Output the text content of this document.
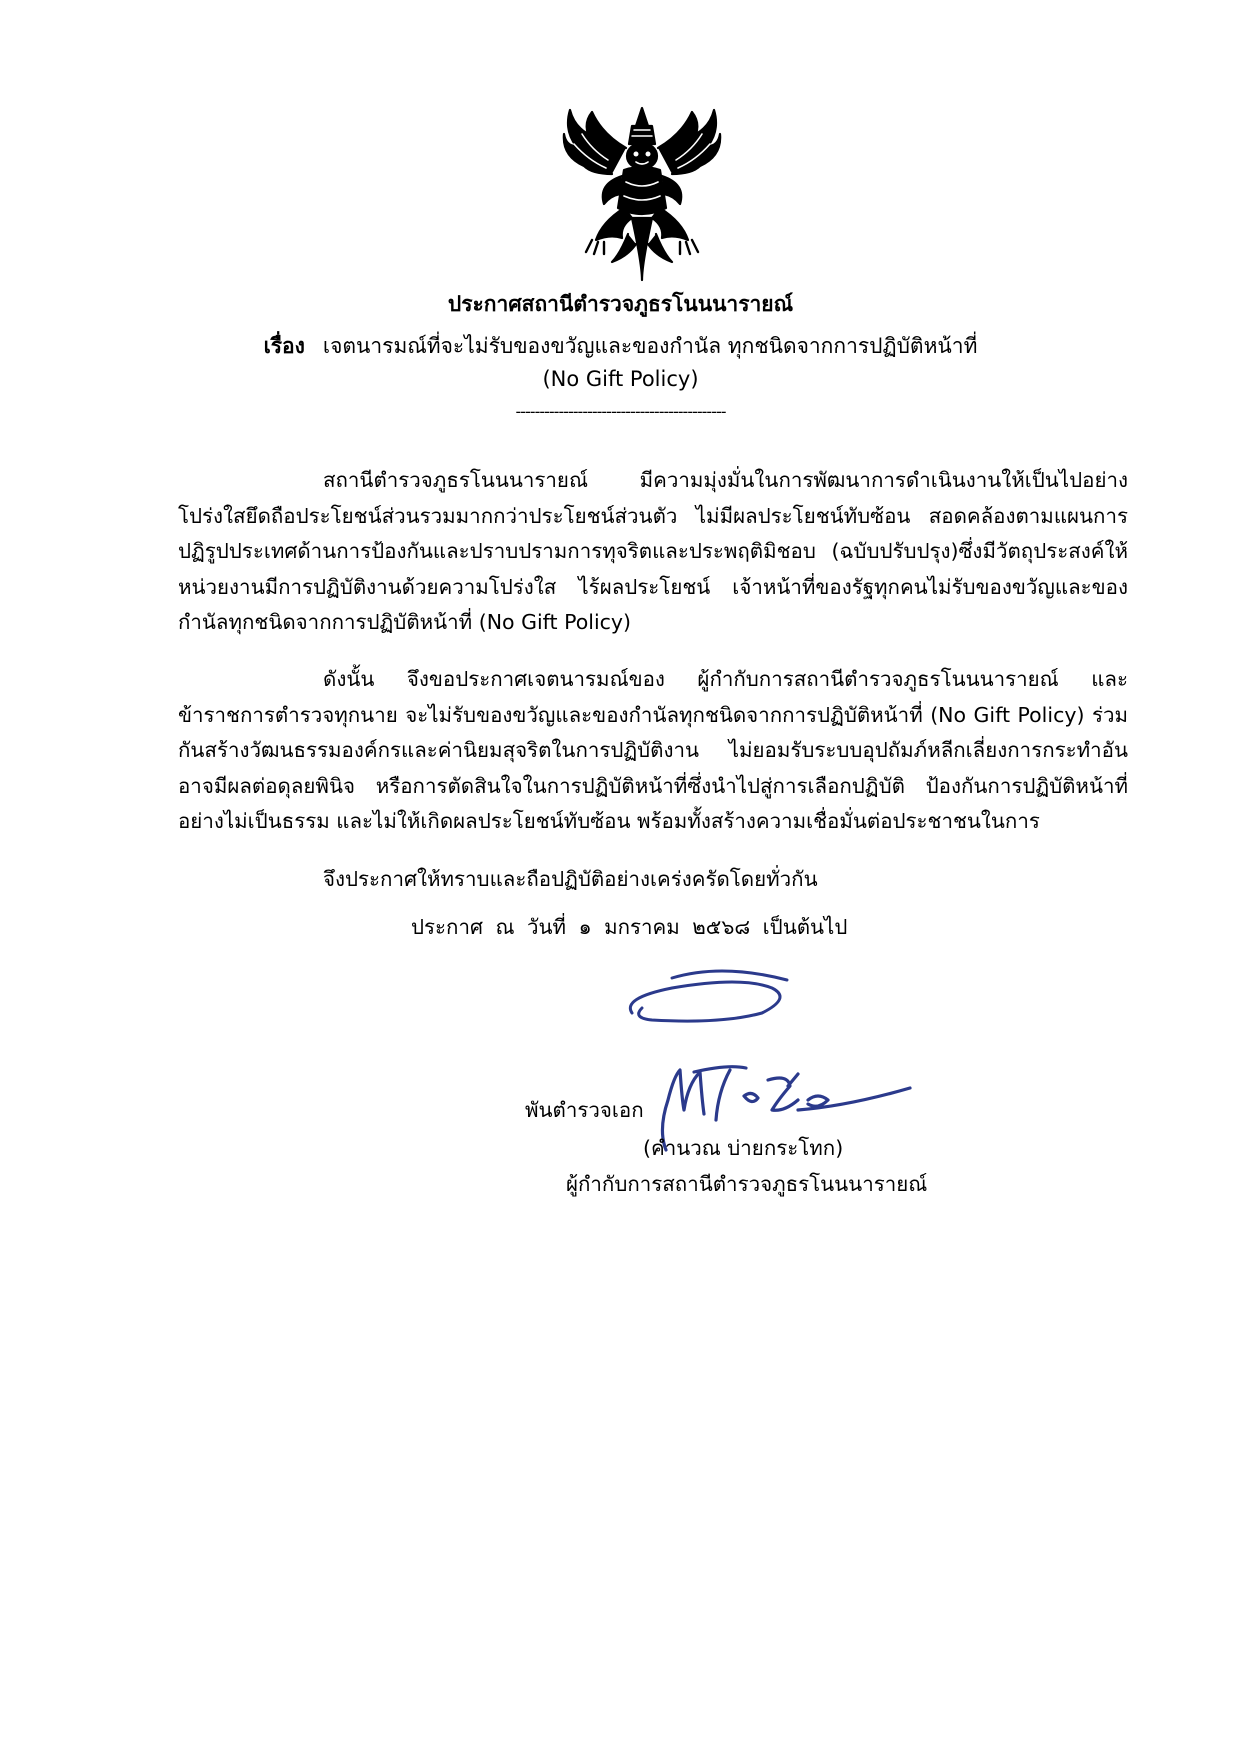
ประกาศสถานีตำรวจภูธรโนนนารายณ์
เรื่อง เจตนารมณ์ที่จะไม่รับของขวัญและของกำนัล ทุกชนิดจากการปฏิบัติหน้าที่
(No Gift Policy)
--------------------------------------------
สถานีตำรวจภูธรโนนนารายณ์ มีความมุ่งมั่นในการพัฒนาการดำเนินงานให้เป็นไปอย่างโปร่งใสยึดถือประโยชน์ส่วนรวมมากกว่าประโยชน์ส่วนตัว ไม่มีผลประโยชน์ทับซ้อน สอดคล้องตามแผนการปฏิรูปประเทศด้านการป้องกันและปราบปรามการทุจริตและประพฤติมิชอบ (ฉบับปรับปรุง)ซึ่งมีวัตถุประสงค์ให้หน่วยงานมีการปฏิบัติงานด้วยความโปร่งใส ไร้ผลประโยชน์ เจ้าหน้าที่ของรัฐทุกคนไม่รับของขวัญและของกำนัลทุกชนิดจากการปฏิบัติหน้าที่ (No Gift Policy)
ดังนั้น จึงขอประกาศเจตนารมณ์ของ ผู้กำกับการสถานีตำรวจภูธรโนนนารายณ์ และข้าราชการตำรวจทุกนาย จะไม่รับของขวัญและของกำนัลทุกชนิดจากการปฏิบัติหน้าที่ (No Gift Policy) ร่วมกันสร้างวัฒนธรรมองค์กรและค่านิยมสุจริตในการปฏิบัติงาน ไม่ยอมรับระบบอุปถัมภ์หลีกเลี่ยงการกระทำอันอาจมีผลต่อดุลยพินิจ หรือการตัดสินใจในการปฏิบัติหน้าที่ซึ่งนำไปสู่การเลือกปฏิบัติ ป้องกันการปฏิบัติหน้าที่อย่างไม่เป็นธรรม และไม่ให้เกิดผลประโยชน์ทับซ้อน พร้อมทั้งสร้างความเชื่อมั่นต่อประชาชนในการ
จึงประกาศให้ทราบและถือปฏิบัติอย่างเคร่งครัดโดยทั่วกัน
ประกาศ ณ วันที่ ๑ มกราคม ๒๕๖๘ เป็นต้นไป
พันตำรวจเอก
(คำนวณ บ่ายกระโทก)
ผู้กำกับการสถานีตำรวจภูธรโนนนารายณ์
